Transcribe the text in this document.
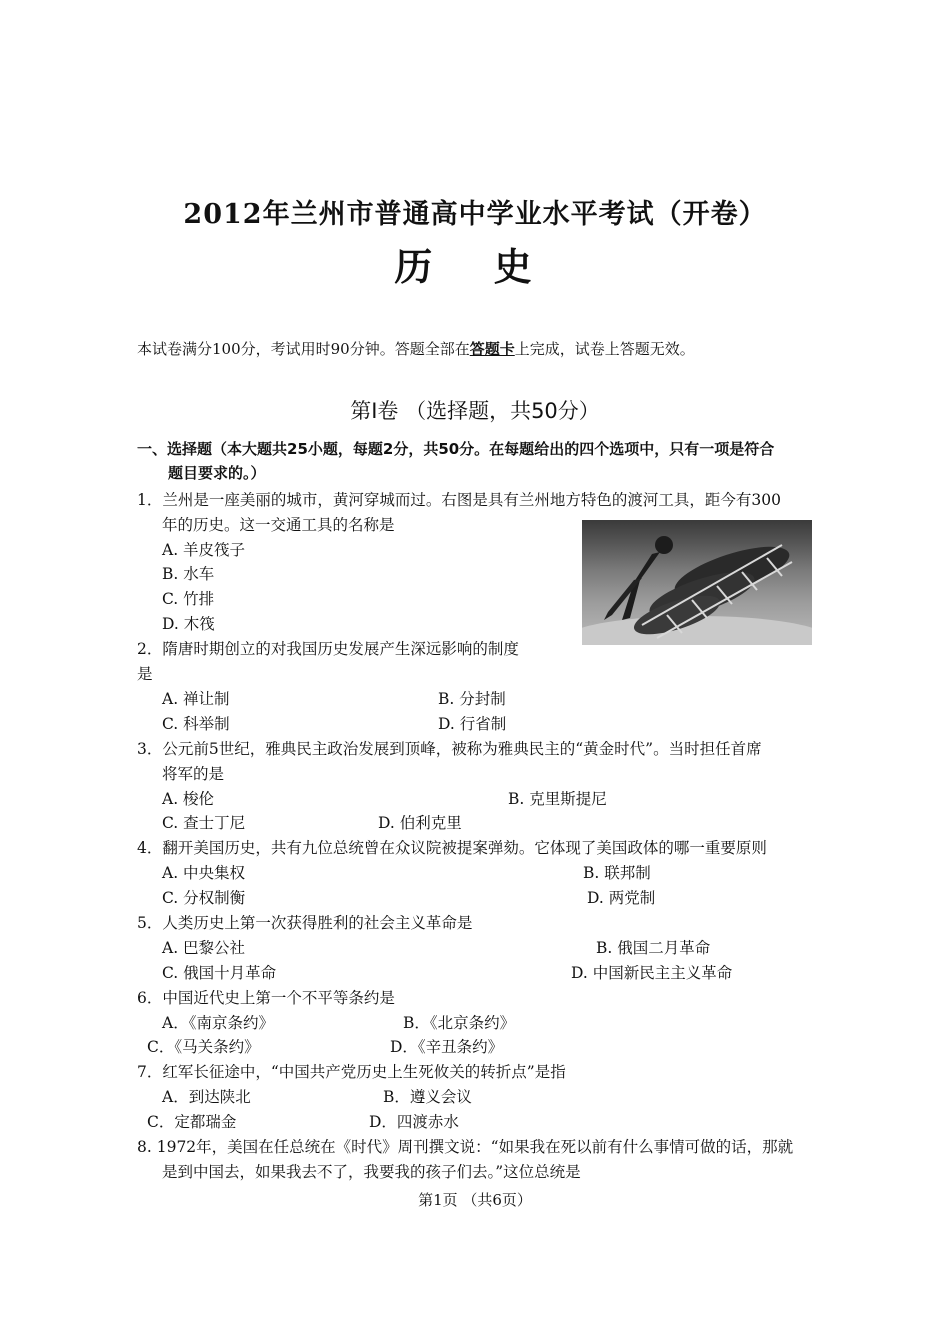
2012年兰州市普通高中学业水平考试（开卷）
历 史
本试卷满分100分，考试用时90分钟。答题全部在答题卡上完成，试卷上答题无效。
第Ⅰ卷 （选择题，共50分）
一、选择题（本大题共25小题，每题2分，共50分。在每题给出的四个选项中，只有一项是符合
题目要求的。）
1．兰州是一座美丽的城市，黄河穿城而过。右图是具有兰州地方特色的渡河工具，距今有300
年的历史。这一交通工具的名称是
A. 羊皮筏子
B. 水车
C. 竹排
D. 木筏
2．隋唐时期创立的对我国历史发展产生深远影响的制度
是
A. 禅让制	B. 分封制
C. 科举制	D. 行省制
3．公元前5世纪，雅典民主政治发展到顶峰，被称为雅典民主的“黄金时代”。当时担任首席
将军的是
A. 梭伦	B. 克里斯提尼
C. 查士丁尼	D. 伯利克里
4．翻开美国历史，共有九位总统曾在众议院被提案弹劾。它体现了美国政体的哪一重要原则
A. 中央集权	B. 联邦制
C. 分权制衡	D. 两党制
5．人类历史上第一次获得胜利的社会主义革命是
A. 巴黎公社	B. 俄国二月革命
C. 俄国十月革命	D. 中国新民主主义革命
6．中国近代史上第一个不平等条约是
A．《南京条约》	B．《北京条约》
C．《马关条约》	D．《辛丑条约》
7．红军长征途中，“中国共产党历史上生死攸关的转折点”是指
A．到达陕北	B．遵义会议
C．定都瑞金	D．四渡赤水
8. 1972年，美国在任总统在《时代》周刊撰文说：“如果我在死以前有什么事情可做的话，那就
是到中国去，如果我去不了，我要我的孩子们去。”这位总统是
第1页 （共6页）
